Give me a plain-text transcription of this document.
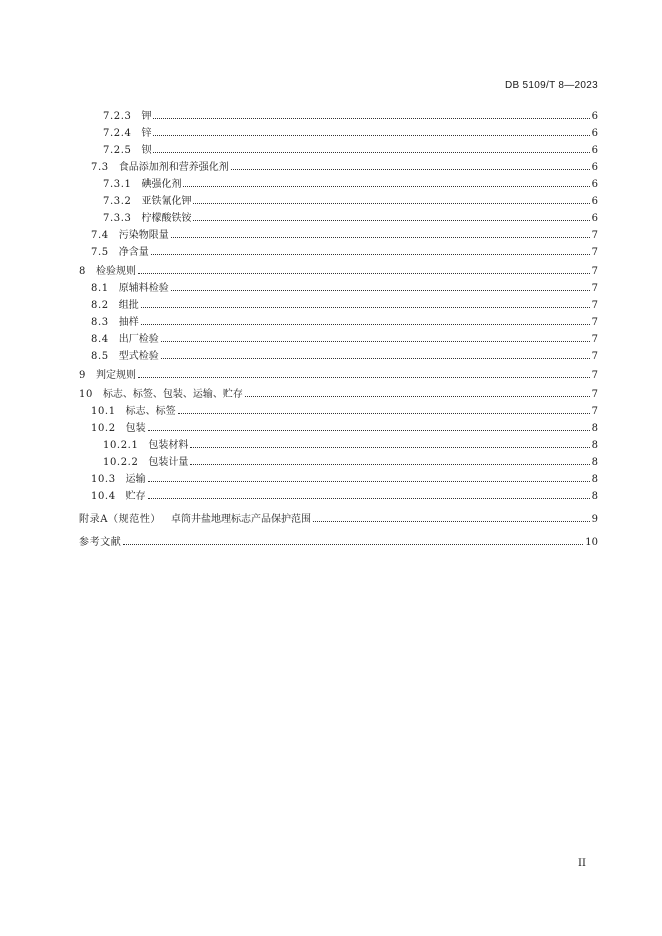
DB 5109/T 8—2023
7.2.3 钾	6
7.2.4 锌	6
7.2.5 钡	6
7.3 食品添加剂和营养强化剂	6
7.3.1 碘强化剂	6
7.3.2 亚铁氰化钾	6
7.3.3 柠檬酸铁铵	6
7.4 污染物限量	7
7.5 净含量	7
8 检验规则	7
8.1 原辅料检验	7
8.2 组批	7
8.3 抽样	7
8.4 出厂检验	7
8.5 型式检验	7
9 判定规则	7
10 标志、标签、包装、运输、贮存	7
10.1 标志、标签	7
10.2 包装	8
10.2.1 包装材料	8
10.2.2 包装计量	8
10.3 运输	8
10.4 贮存	8
附录A（规范性） 卓筒井盐地理标志产品保护范围	9
参考文献	10
II
